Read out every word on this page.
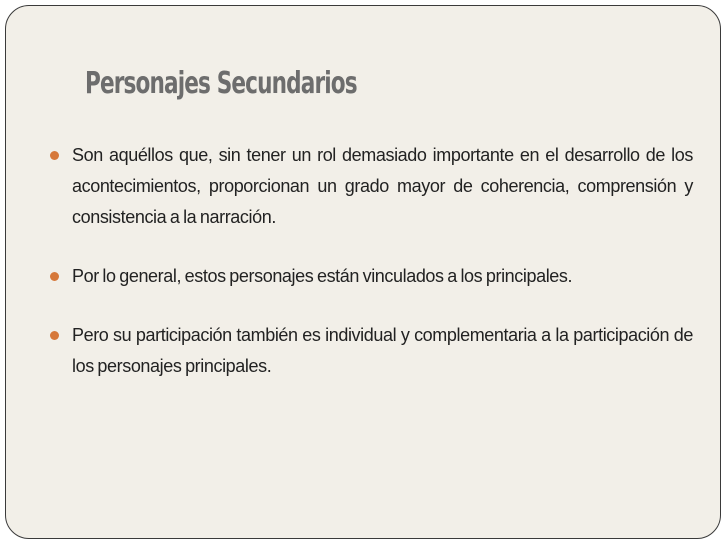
Personajes Secundarios
Son aquéllos que, sin tener un rol demasiado importante en el desarrollo de los acontecimientos, proporcionan un grado mayor de coherencia, comprensión y consistencia a la narración.
Por lo general, estos personajes están vinculados a los principales.
Pero su participación también es individual y complementaria a la participación de los personajes principales.
